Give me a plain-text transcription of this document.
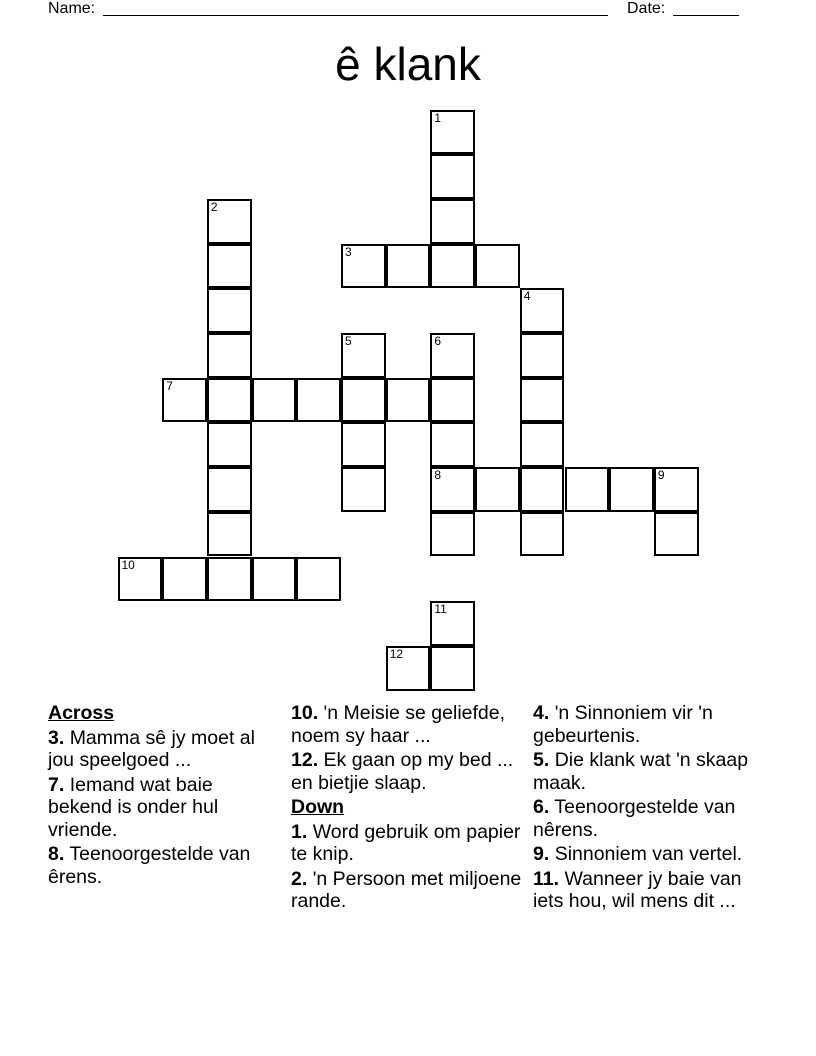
Name:	Date:
ê klank
1
2
3
4
5	6
7
8	9
10
11
12
Across
3. Mamma sê jy moet al jou speelgoed ...
7. Iemand wat baie bekend is onder hul vriende.
8. Teenoorgestelde van êrens.
10. 'n Meisie se geliefde, noem sy haar ...
12. Ek gaan op my bed ... en bietjie slaap.
Down
1. Word gebruik om papier te knip.
2. 'n Persoon met miljoene rande.
4. 'n Sinnoniem vir 'n gebeurtenis.
5. Die klank wat 'n skaap maak.
6. Teenoorgestelde van nêrens.
9. Sinnoniem van vertel.
11. Wanneer jy baie van iets hou, wil mens dit ...
